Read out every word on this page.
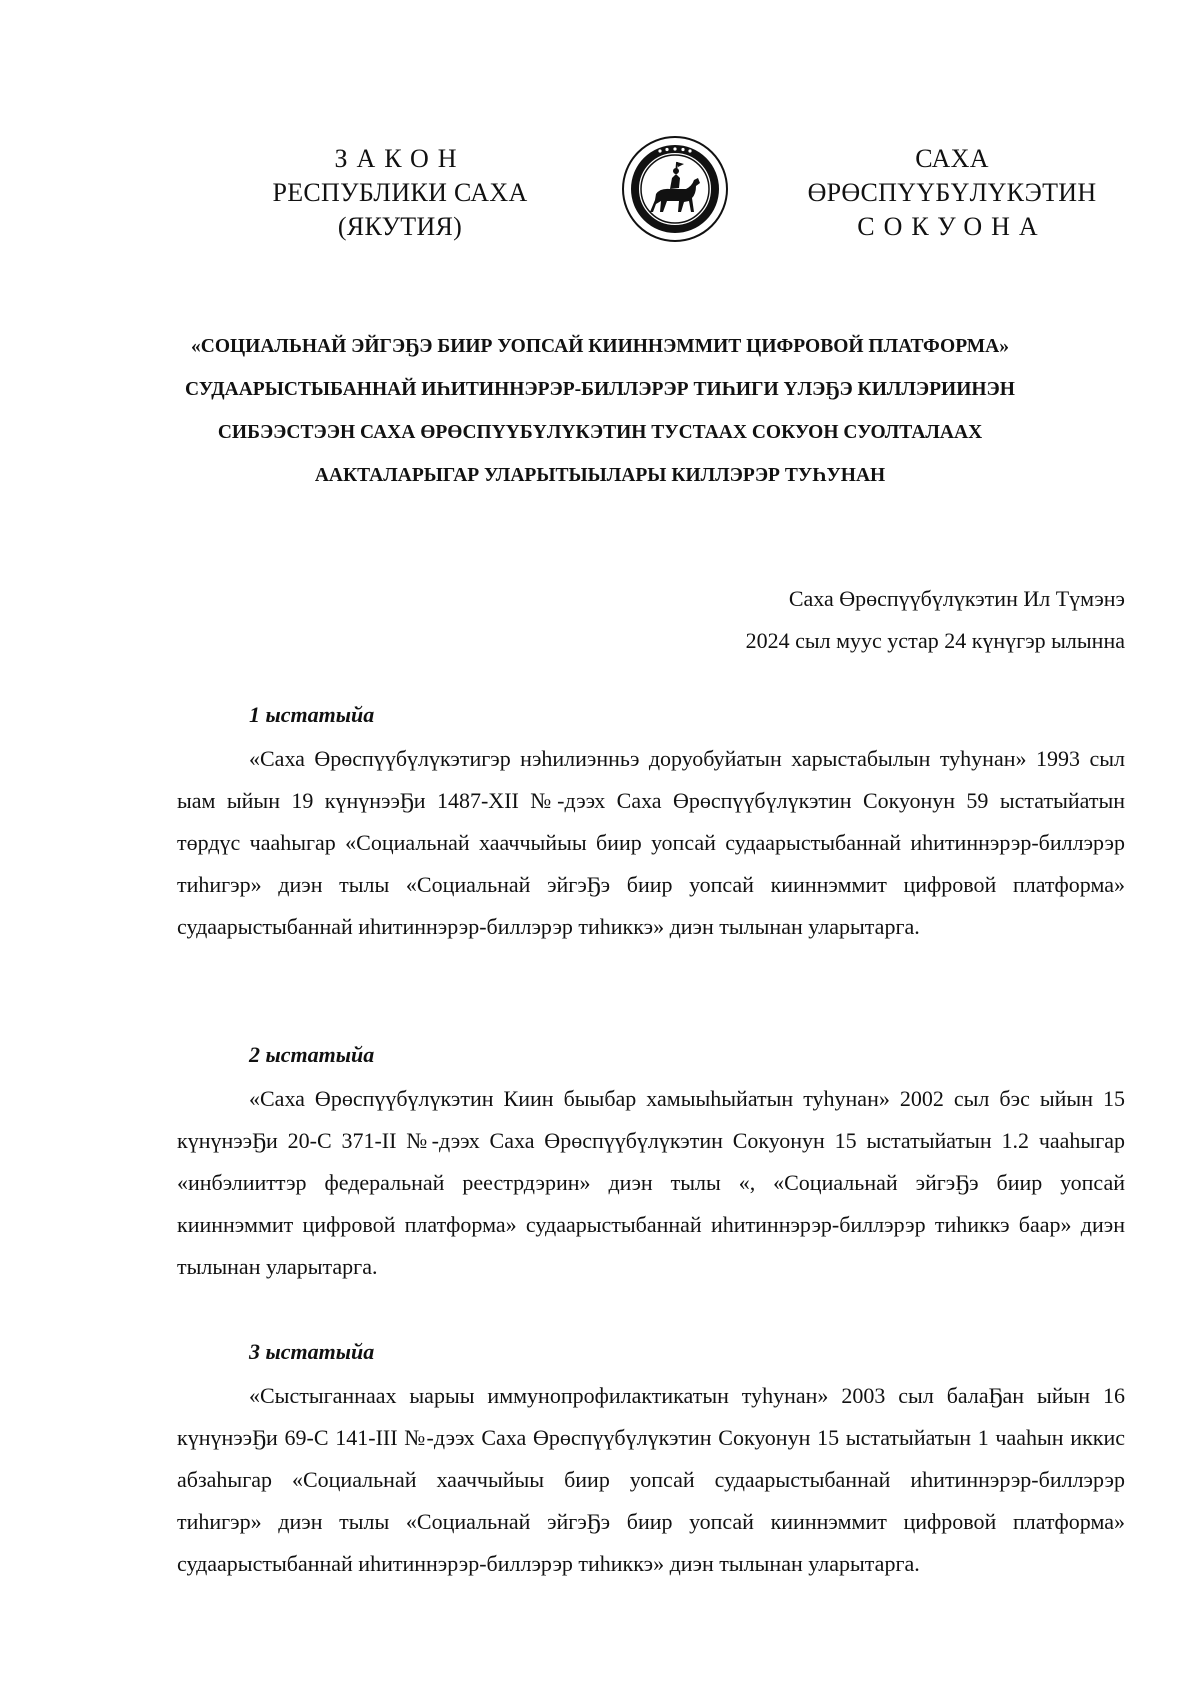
ЗАКОН
РЕСПУБЛИКИ САХА (ЯКУТИЯ)
САХА ӨРӨСПҮҮБҮЛҮКЭТИН
СОКУОНА
«СОЦИАЛЬНАЙ ЭЙГЭҔЭ БИИР УОПСАЙ КИИННЭММИТ ЦИФРОВОЙ ПЛАТФОРМА»
СУДААРЫСТЫБАННАЙ ИҺИТИННЭРЭР-БИЛЛЭРЭР ТИҺИГИ ҮЛЭҔЭ КИЛЛЭРИИНЭН
СИБЭЭСТЭЭН САХА ӨРӨСПҮҮБҮЛҮКЭТИН ТУСТААХ СОКУОН СУОЛТАЛААХ
ААКТАЛАРЫГАР УЛАРЫТЫЫЛАРЫ КИЛЛЭРЭР ТУҺУНАН
Саха Өрөспүүбүлүкэтин Ил Түмэнэ
2024 сыл муус устар 24 күнүгэр ылынна
1 ыстатыйа
«Саха Өрөспүүбүлүкэтигэр нэһилиэнньэ доруобуйатын харыстабылын туһунан» 1993 сыл ыам ыйын 19 күнүнээҔи 1487-XII №-дээх Саха Өрөспүүбүлүкэтин Сокуонун 59 ыстатыйатын төрдүс чааһыгар «Социальнай хааччыйыы биир уопсай судаарыстыбаннай иһитиннэрэр-биллэрэр тиһигэр» диэн тылы «Социальнай эйгэҔэ биир уопсай кииннэммит цифровой платформа» судаарыстыбаннай иһитиннэрэр-биллэрэр тиһиккэ» диэн тылынан уларытарга.
2 ыстатыйа
«Саха Өрөспүүбүлүкэтин Киин быыбар хамыыһыйатын туһунан» 2002 сыл бэс ыйын 15 күнүнээҔи 20-С 371-II №-дээх Саха Өрөспүүбүлүкэтин Сокуонун 15 ыстатыйатын 1.2 чааһыгар «инбэлииттэр федеральнай реестрдэрин» диэн тылы «, «Социальнай эйгэҔэ биир уопсай кииннэммит цифровой платформа» судаарыстыбаннай иһитиннэрэр-биллэрэр тиһиккэ баар» диэн тылынан уларытарга.
3 ыстатыйа
«Сыстыганнаах ыарыы иммунопрофилактикатын туһунан» 2003 сыл балаҔан ыйын 16 күнүнээҔи 69-С 141-III №-дээх Саха Өрөспүүбүлүкэтин Сокуонун 15 ыстатыйатын 1 чааһын иккис абзаһыгар «Социальнай хааччыйыы биир уопсай судаарыстыбаннай иһитиннэрэр-биллэрэр тиһигэр» диэн тылы «Социальнай эйгэҔэ биир уопсай кииннэммит цифровой платформа» судаарыстыбаннай иһитиннэрэр-биллэрэр тиһиккэ» диэн тылынан уларытарга.
